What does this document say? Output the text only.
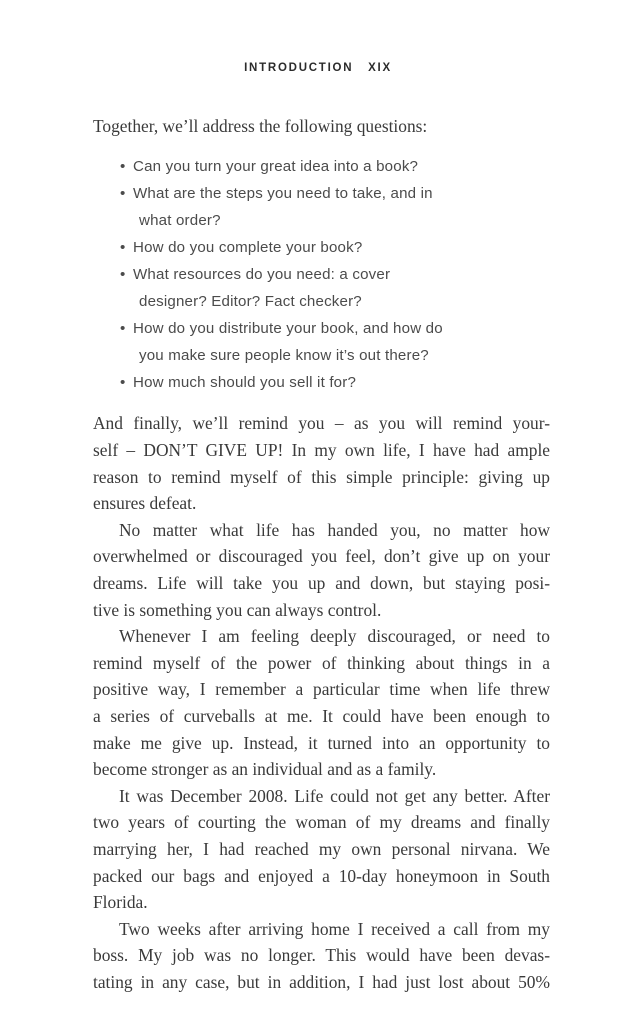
INTRODUCTION   XIX
Together, we’ll address the following questions:
• Can you turn your great idea into a book?
• What are the steps you need to take, and in
what order?
• How do you complete your book?
• What resources do you need: a cover
designer? Editor? Fact checker?
• How do you distribute your book, and how do
you make sure people know it’s out there?
• How much should you sell it for?
And finally, we’ll remind you – as you will remind your-
self – DON’T GIVE UP! In my own life, I have had ample
reason to remind myself of this simple principle: giving up
ensures defeat.
No matter what life has handed you, no matter how
overwhelmed or discouraged you feel, don’t give up on your
dreams. Life will take you up and down, but staying posi-
tive is something you can always control.
Whenever I am feeling deeply discouraged, or need to
remind myself of the power of thinking about things in a
positive way, I remember a particular time when life threw
a series of curveballs at me. It could have been enough to
make me give up. Instead, it turned into an opportunity to
become stronger as an individual and as a family.
It was December 2008. Life could not get any better. After
two years of courting the woman of my dreams and finally
marrying her, I had reached my own personal nirvana. We
packed our bags and enjoyed a 10-day honeymoon in South
Florida.
Two weeks after arriving home I received a call from my
boss. My job was no longer. This would have been devas-
tating in any case, but in addition, I had just lost about 50%
